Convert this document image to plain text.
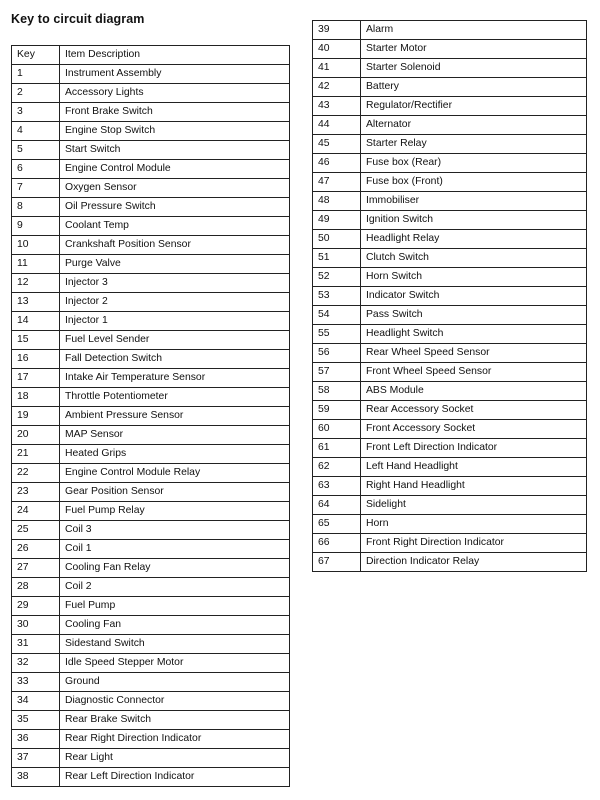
Key to circuit diagram
Key	Item Description
1	Instrument Assembly
2	Accessory Lights
3	Front Brake Switch
4	Engine Stop Switch
5	Start Switch
6	Engine Control Module
7	Oxygen Sensor
8	Oil Pressure Switch
9	Coolant Temp
10	Crankshaft Position Sensor
11	Purge Valve
12	Injector 3
13	Injector 2
14	Injector 1
15	Fuel Level Sender
16	Fall Detection Switch
17	Intake Air Temperature Sensor
18	Throttle Potentiometer
19	Ambient Pressure Sensor
20	MAP Sensor
21	Heated Grips
22	Engine Control Module Relay
23	Gear Position Sensor
24	Fuel Pump Relay
25	Coil 3
26	Coil 1
27	Cooling Fan Relay
28	Coil 2
29	Fuel Pump
30	Cooling Fan
31	Sidestand Switch
32	Idle Speed Stepper Motor
33	Ground
34	Diagnostic Connector
35	Rear Brake Switch
36	Rear Right Direction Indicator
37	Rear Light
38	Rear Left Direction Indicator
39	Alarm
40	Starter Motor
41	Starter Solenoid
42	Battery
43	Regulator/Rectifier
44	Alternator
45	Starter Relay
46	Fuse box (Rear)
47	Fuse box (Front)
48	Immobiliser
49	Ignition Switch
50	Headlight Relay
51	Clutch Switch
52	Horn Switch
53	Indicator Switch
54	Pass Switch
55	Headlight Switch
56	Rear Wheel Speed Sensor
57	Front Wheel Speed Sensor
58	ABS Module
59	Rear Accessory Socket
60	Front Accessory Socket
61	Front Left Direction Indicator
62	Left Hand Headlight
63	Right Hand Headlight
64	Sidelight
65	Horn
66	Front Right Direction Indicator
67	Direction Indicator Relay
